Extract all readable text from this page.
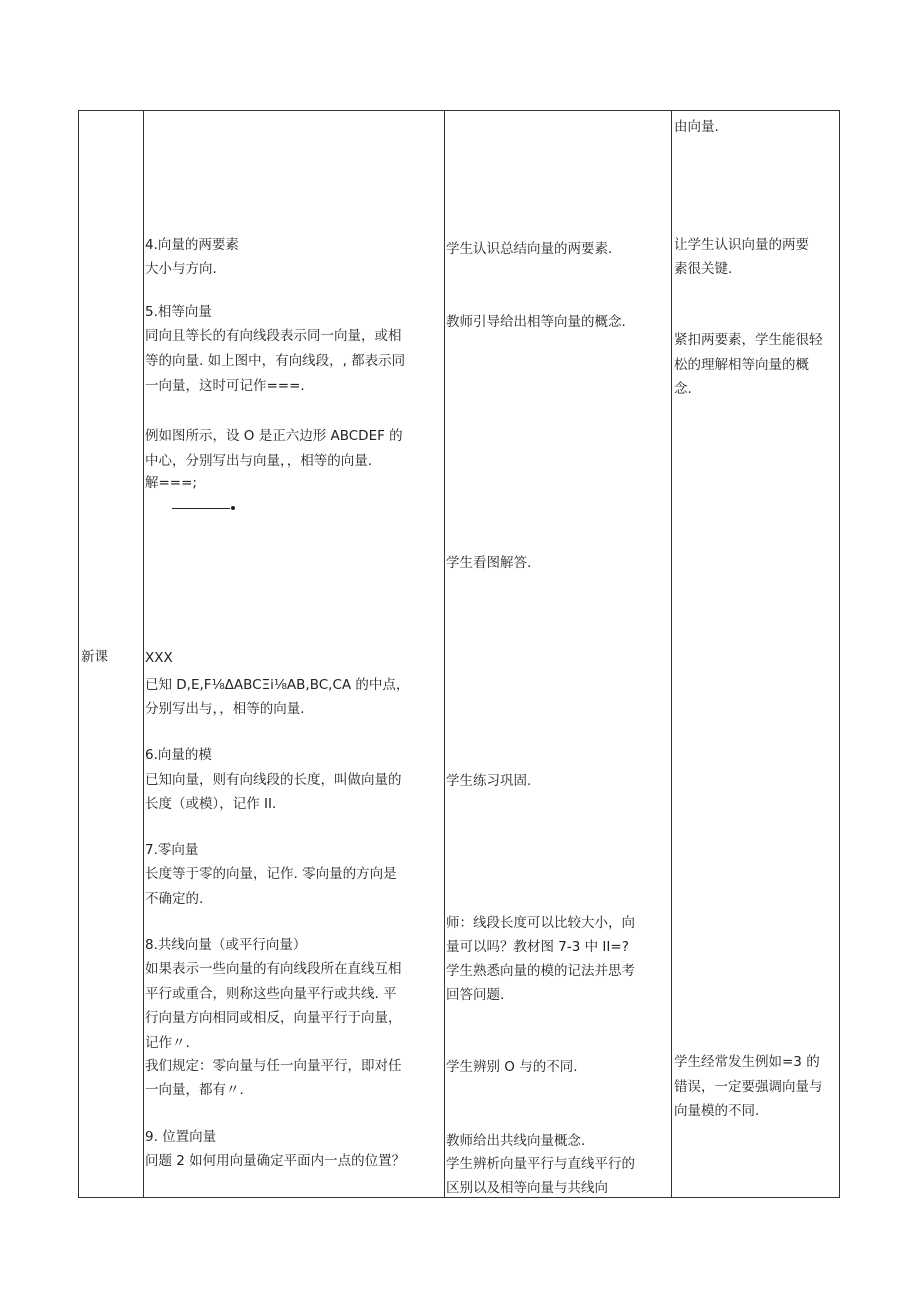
新课
4.向量的两要素
大小与方向.
5.相等向量
同向且等长的有向线段表示同一向量，或相
等的向量. 如上图中，有向线段，, 都表示同
一向量，这时可记作===.
例如图所示，设 O 是正六边形 ABCDEF 的
中心，分别写出与向量，，相等的向量.
解===;
XXX
已知 D,E,F⅛ΔABCΞi⅛AB,BC,CA 的中点，
分别写出与，，相等的向量.
6.向量的模
已知向量，则有向线段的长度，叫做向量的
长度（或模），记作 II.
7.零向量
长度等于零的向量，记作. 零向量的方向是
不确定的.
8.共线向量（或平行向量）
如果表示一些向量的有向线段所在直线互相
平行或重合，则称这些向量平行或共线. 平
行向量方向相同或相反，向量平行于向量，
记作〃.
我们规定：零向量与任一向量平行，即对任
一向量，都有〃.
9. 位置向量
问题 2 如何用向量确定平面内一点的位置？
学生认识总结向量的两要素.
教师引导给出相等向量的概念.
学生看图解答.
学生练习巩固.
师：线段长度可以比较大小，向
量可以吗？教材图 7-3 中 II=?
学生熟悉向量的模的记法并思考
回答问题.
学生辨别 O 与的不同.
教师给出共线向量概念.
学生辨析向量平行与直线平行的
区别以及相等向量与共线向
由向量.
让学生认识向量的两要
素很关键.
紧扣两要素，学生能很轻
松的理解相等向量的概
念.
学生经常发生例如=3 的
错误，一定要强调向量与
向量模的不同.
